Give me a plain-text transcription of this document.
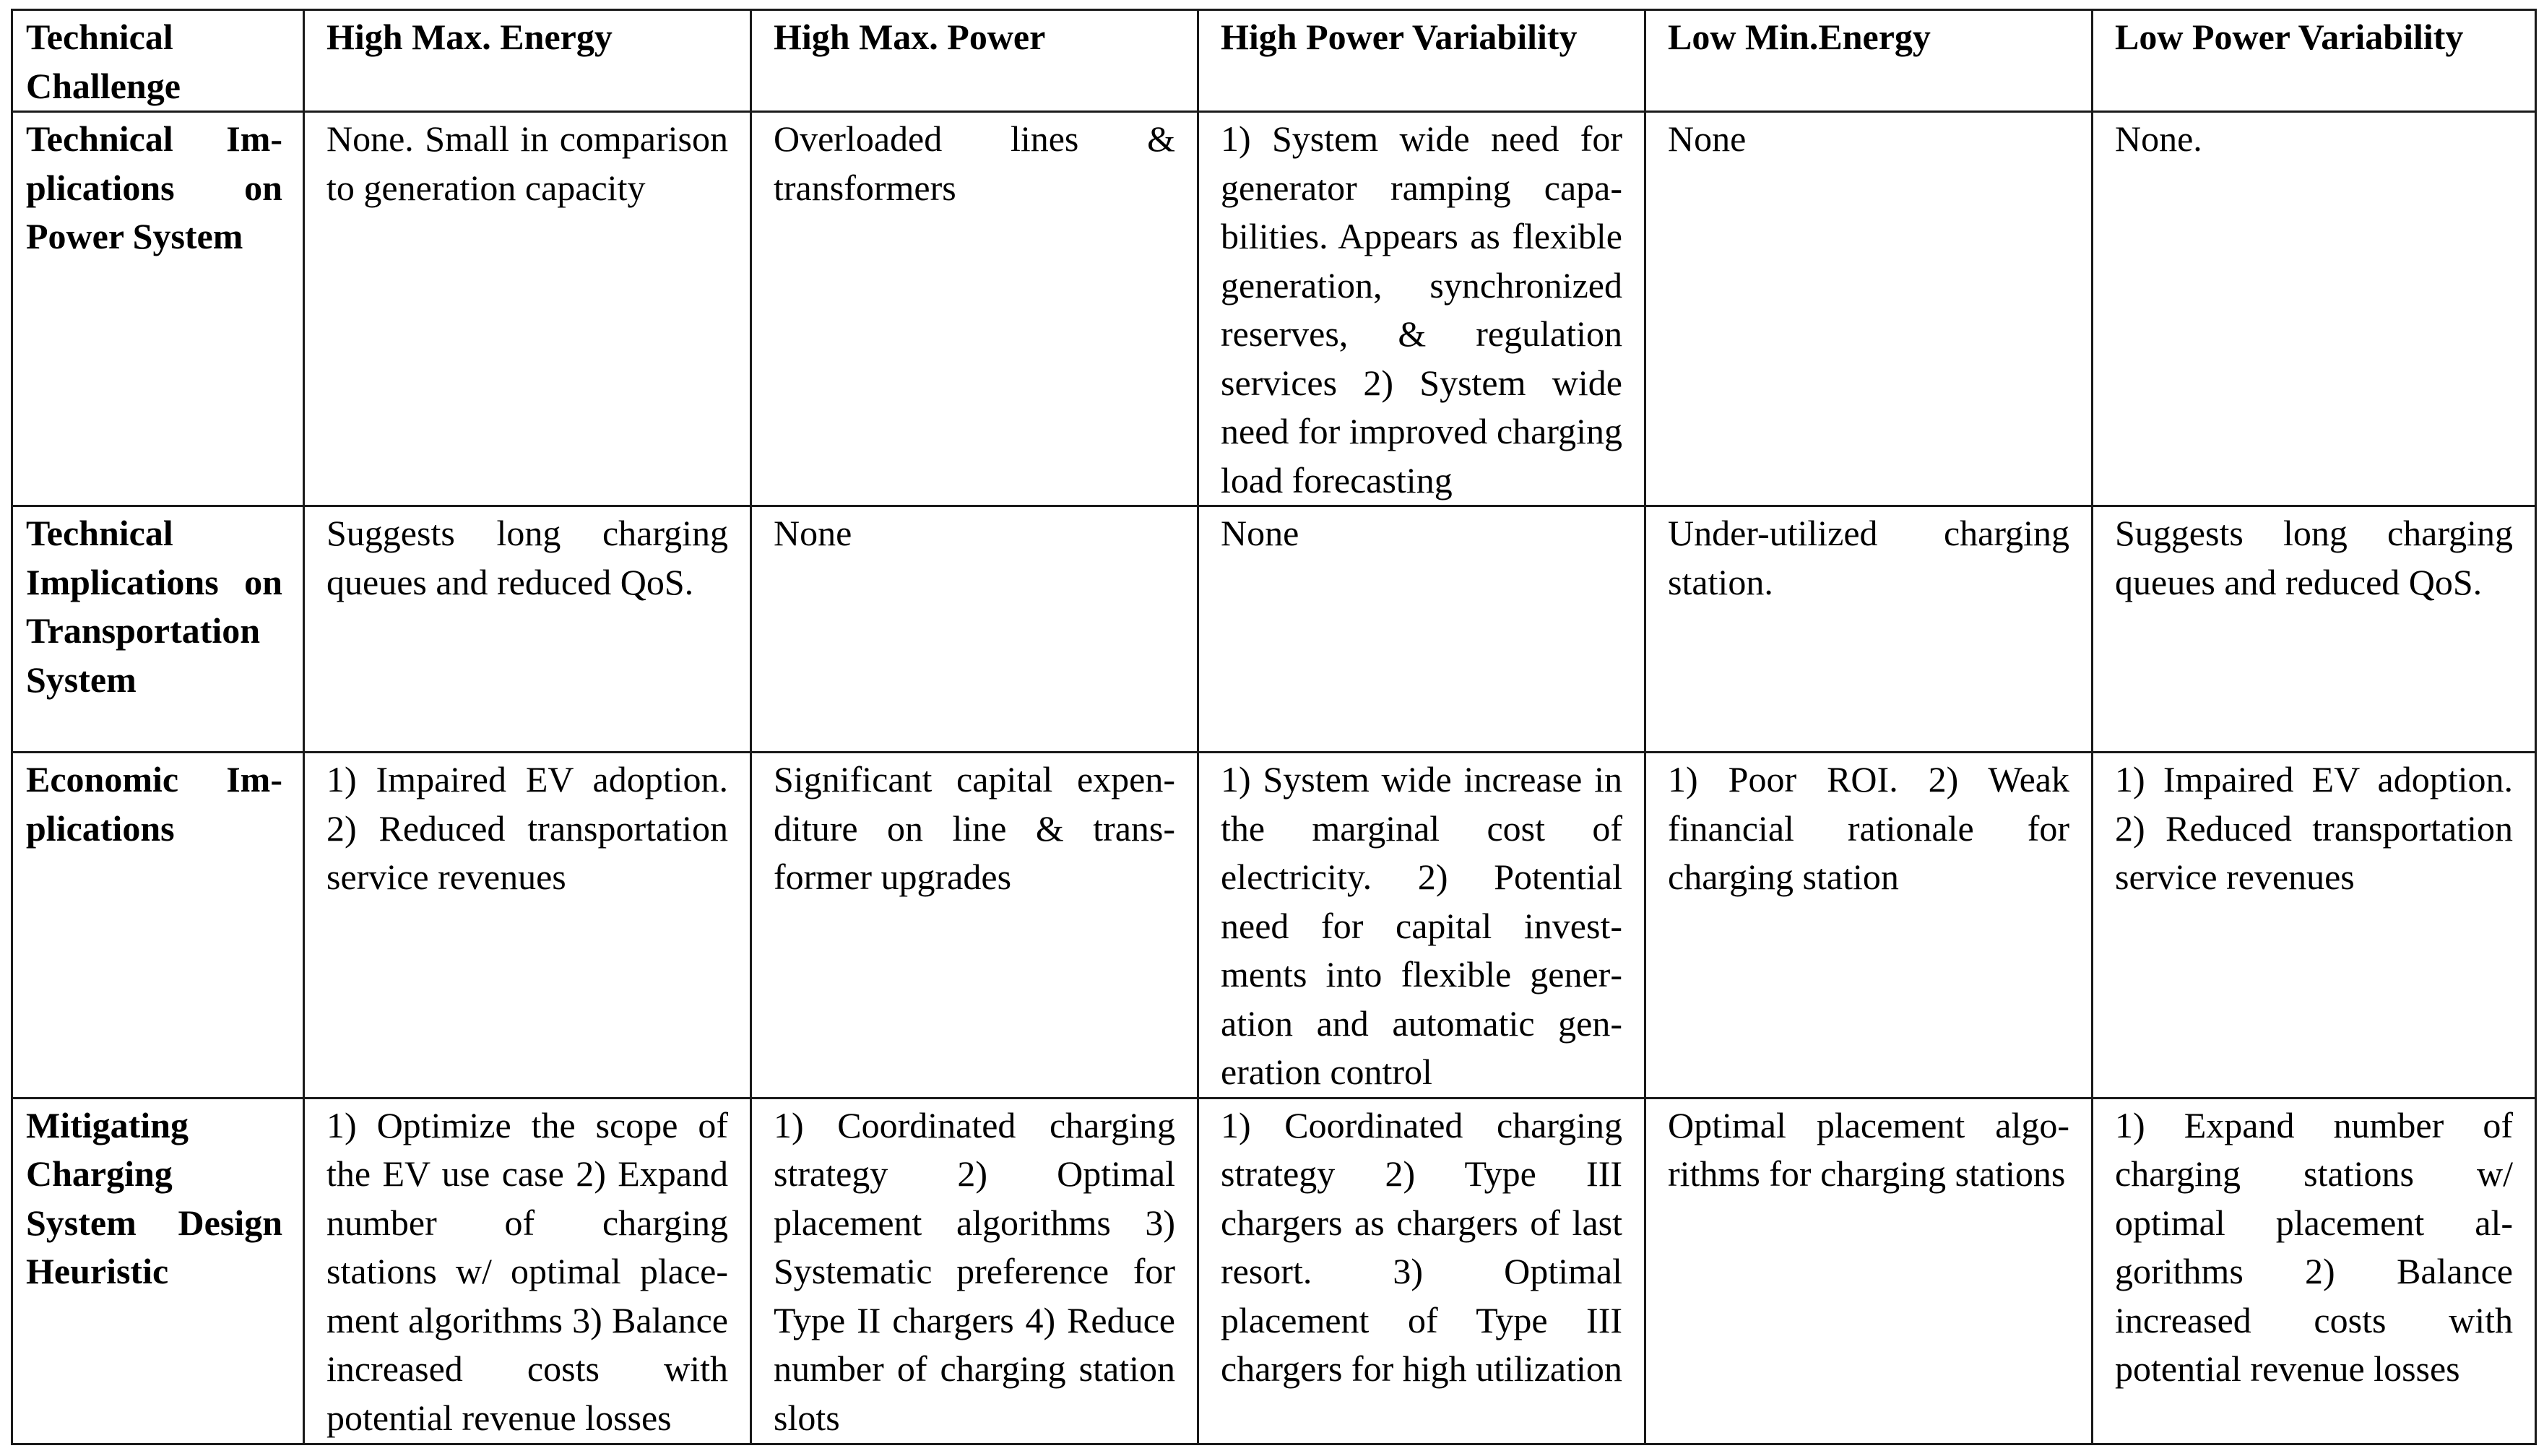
Technical Challenge	High Max. Energy	High Max. Power	High Power Variability	Low Min.Energy	Low Power Variability
Technical Implications on Power System	None. Small in comparison to generation capacity	Overloaded lines & transformers	1) System wide need for generator ramping capabilities. Appears as flexible generation, synchronized reserves, & regulation services 2) System wide need for improved charging load forecasting	None	None.
Technical Implications on Transportation System	Suggests long charging queues and reduced QoS.	None	None	Under-utilized charging station.	Suggests long charging queues and reduced QoS.
Economic Implications	1) Impaired EV adoption. 2) Reduced transportation service revenues	Significant capital expenditure on line & transformer upgrades	1) System wide increase in the marginal cost of electricity. 2) Potential need for capital investments into flexible generation and automatic generation control	1) Poor ROI. 2) Weak financial rationale for charging station	1) Impaired EV adoption. 2) Reduced transportation service revenues
Mitigating Charging System Design Heuristic	1) Optimize the scope of the EV use case 2) Expand number of charging stations w/ optimal placement algorithms 3) Balance increased costs with potential revenue losses	1) Coordinated charging strategy 2) Optimal placement algorithms 3) Systematic preference for Type II chargers 4) Reduce number of charging station slots	1) Coordinated charging strategy 2) Type III chargers as chargers of last resort. 3) Optimal placement of Type III chargers for high utilization	Optimal placement algorithms for charging stations	1) Expand number of charging stations w/ optimal placement algorithms 2) Balance increased costs with potential revenue losses
